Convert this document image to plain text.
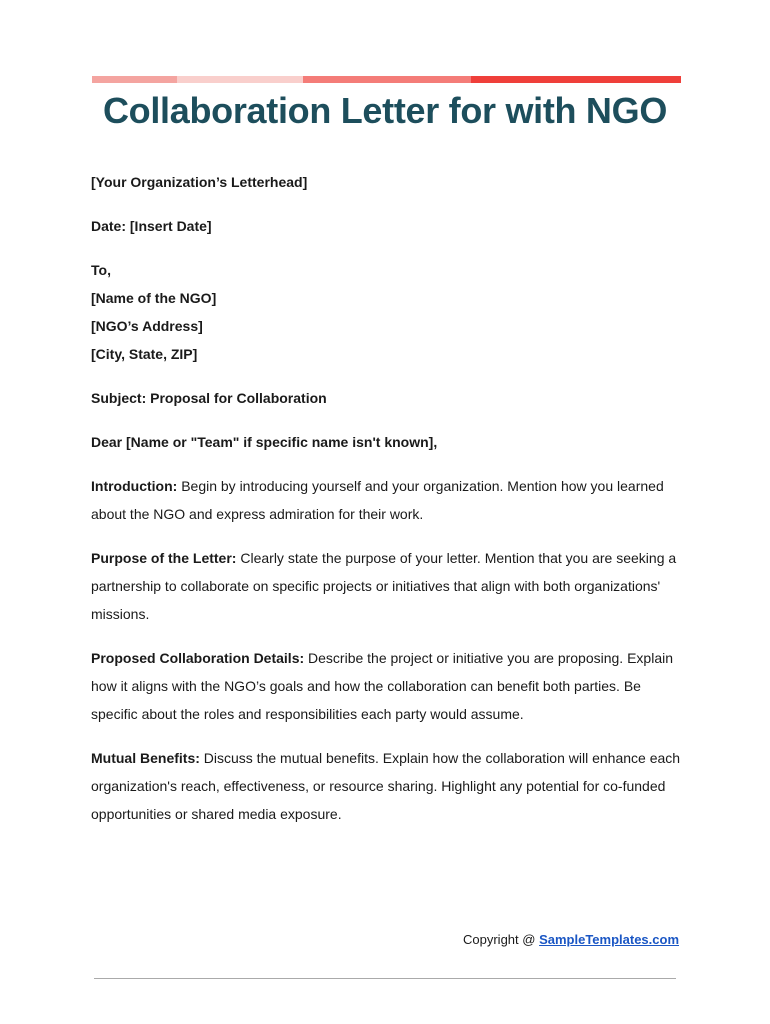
Collaboration Letter for with NGO
[Your Organization’s Letterhead]
Date: [Insert Date]
To,
[Name of the NGO]
[NGO’s Address]
[City, State, ZIP]
Subject: Proposal for Collaboration
Dear [Name or "Team" if specific name isn't known],

Introduction: Begin by introducing yourself and your organization. Mention how you learned about the NGO and express admiration for their work.

Purpose of the Letter: Clearly state the purpose of your letter. Mention that you are seeking a partnership to collaborate on specific projects or initiatives that align with both organizations' missions.

Proposed Collaboration Details: Describe the project or initiative you are proposing. Explain how it aligns with the NGO’s goals and how the collaboration can benefit both parties. Be specific about the roles and responsibilities each party would assume.

Mutual Benefits: Discuss the mutual benefits. Explain how the collaboration will enhance each organization's reach, effectiveness, or resource sharing. Highlight any potential for co-funded opportunities or shared media exposure.

Copyright @ SampleTemplates.com
